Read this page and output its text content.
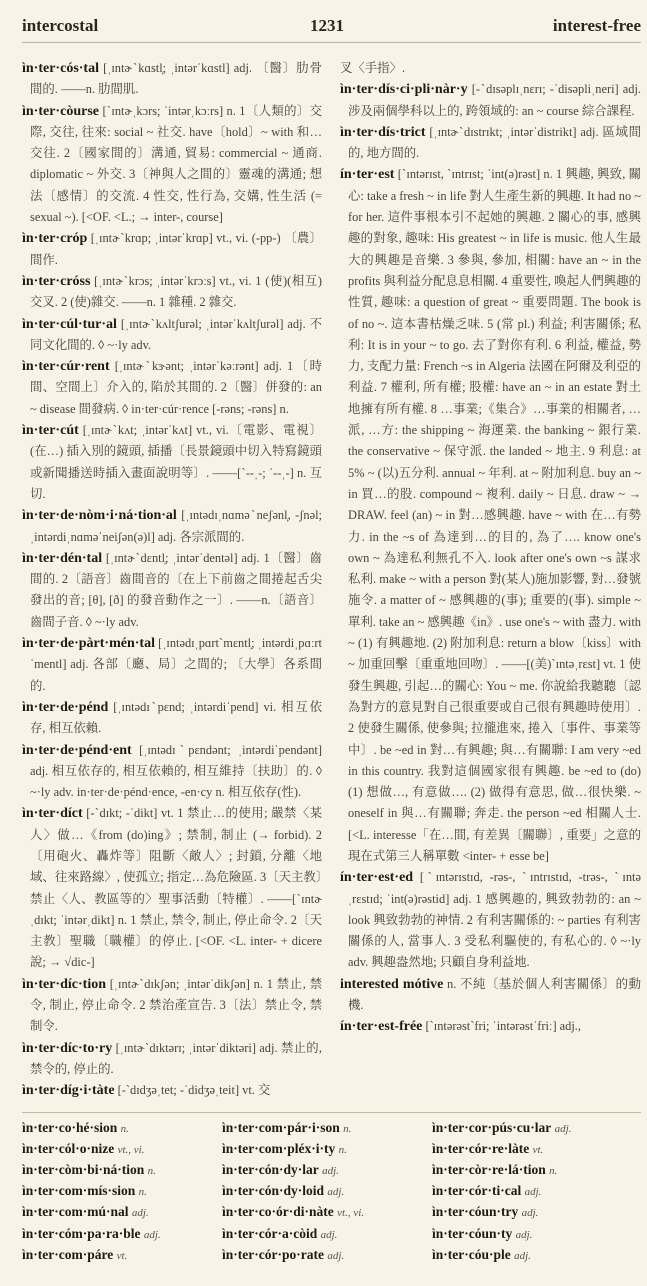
intercostal	1231	interest-free
ìn·ter·cós·tal [ˌɪntɚˋkɑstl̩; ˌintərˈkɑstl] adj. 〔醫〕肋骨間的. ——n. 肋間肌.
ìn·ter·còurse [ˋɪntɚˌkɔrs; ˈintərˌkɔːrs] n. 1〔人類的〕交際, 交往, 往來: social ~ 社交. have〔hold〕~ with 和…交往. 2〔國家間的〕溝通, 貿易: commercial ~ 通商. diplomatic ~ 外交. 3〔神與人之間的〕靈魂的溝通; 想法〔感情〕的交流. 4 性交, 性行為, 交媾, 性生活 (= sexual ~). [<OF. <L.; → inter-, course]
ìn·ter·cróp [ˌɪntɚˋkrɑp; ˌintərˈkrɑp] vt., vi. (-pp-) 〔農〕間作.
ìn·ter·cróss [ˌɪntɚˋkrɔs; ˌintərˈkrɔːs] vt., vi. 1 (使)(相互)交叉. 2 (使)雜交. ——n. 1 雜種. 2 雜交.
ìn·ter·cúl·tur·al [ˌɪntɚˋkʌltʃurəl; ˌintərˈkʌltʃurəl] adj. 不同文化間的. ◊ ~·ly adv.
ìn·ter·cúr·rent [ˌɪntɚˋkɝənt; ˌintərˈkəːrənt] adj. 1〔時間、空間上〕介入的, 陷於其間的. 2〔醫〕併發的: an ~ disease 間發病. ◊ in·ter·cúr·rence [-rəns; -rəns] n.
ìn·ter·cút [ˌɪntɚˋkʌt; ˌintərˈkʌt] vt., vi.〔電影、電視〕(在…) 插入別的鏡頭, 插播〔長景鏡頭中切入特寫鏡頭或新聞播送時插入畫面說明等〕. ——[ˋ--ˌ-; ˈ--ˌ-] n. 互切.
ìn·ter·de·nòm·i·ná·tion·al [ˌɪntədɪˌnɑməˋneʃənl̩, -ʃnəl; ˌintərdiˌnɑməˈneiʃən(ə)l] adj. 各宗派間的.
ìn·ter·dén·tal [ˌɪntɚˋdɛntl̩; ˌintərˈdentəl] adj. 1〔醫〕齒間的. 2〔語音〕齒間音的〔在上下前齒之間捲起舌尖發出的音; [θ], [ð] 的發音動作之一〕. ——n.〔語音〕齒間子音. ◊ ~·ly adv.
ìn·ter·de·pàrt·mén·tal [ˌɪntədɪˌpɑrtˋmɛntl̩; ˌintərdiˌpɑːrtˈmentl] adj. 各部〔廳、局〕之間的; 〔大學〕各系間的.
ìn·ter·de·pénd [ˌɪntədɪˋpɛnd; ˌintərdiˈpend] vi. 相互依存, 相互依賴.
ìn·ter·de·pénd·ent [ˌɪntədɪˋpɛndənt; ˌintərdiˈpendənt] adj. 相互依存的, 相互依賴的, 相互維持〔扶助〕的. ◊ ~·ly adv. in·ter·de·pénd·ence, -en·cy n. 相互依存(性).
ìn·ter·díct [-ˋdɪkt; -ˈdikt] vt. 1 禁止…的使用; 嚴禁〈某人〉做…《from (do)ing》; 禁制, 制止 (→ forbid). 2〔用砲火、轟炸等〕阻斷〈敵人〉; 封鎖, 分離〈地域、往來路線〉, 使孤立; 指定…為危險區. 3〔天主教〕禁止〈人、教區等的〉聖事活動〔特權〕. ——[ˋɪntɚˌdɪkt; ˈintərˌdikt] n. 1 禁止, 禁令, 制止, 停止命令. 2〔天主教〕聖職〔職權〕的停止. [<OF. <L. inter- + dicere 說; → √dic-]
ìn·ter·díc·tion [ˌɪntɚˋdɪkʃən; ˌintərˈdikʃən] n. 1 禁止, 禁令, 制止, 停止命令. 2 禁治產宣告. 3〔法〕禁止令, 禁制令.
ìn·ter·díc·to·ry [ˌɪntɚˋdɪktərɪ; ˌintərˈdiktəri] adj. 禁止的, 禁令的, 停止的.
ìn·ter·díg·i·tàte [-ˋdɪdʒəˌtet; -ˈdidʒəˌteit] vt. 交
叉〈手指〉.
ìn·ter·dís·ci·pli·nàr·y [-ˋdɪsəplɪˌnɛrɪ; -ˈdisəpliˌneri] adj. 涉及兩個學科以上的, 跨領域的: an ~ course 綜合課程.
ìn·ter·dís·trict [ˌɪntɚˋdɪstrɪkt; ˌintərˈdistrikt] adj. 區域間的, 地方間的.
ín·ter·est [ˋɪntərɪst, ˋɪntrɪst; ˈint(ə)rəst] n. 1 興趣, 興致, 關心: take a fresh ~ in life 對人生產生新的興趣. It had no ~ for her. 這件事根本引不起她的興趣. 2 關心的事, 感興趣的對象, 趣味: His greatest ~ in life is music. 他人生最大的興趣是音樂. 3 參與, 參加, 相關: have an ~ in the profits 與利益分配息息相關. 4 重要性, 喚起人們興趣的性質, 趣味: a question of great ~ 重要問題. The book is of no ~. 這本書枯燥乏味. 5 (常 pl.) 利益; 利害關係; 私利: It is in your ~ to go. 去了對你有利. 6 利益, 權益, 勢力, 支配力量: French ~s in Algeria 法國在阿爾及利亞的利益. 7 權利, 所有權; 股權: have an ~ in an estate 對土地擁有所有權. 8 …事業;《集合》…事業的相關者, …派, …方: the shipping ~ 海運業. the banking ~ 銀行業. the conservative ~ 保守派. the landed ~ 地主. 9 利息: at 5% ~ (以)五分利. annual ~ 年利. at ~ 附加利息. buy an ~ in 買…的股. compound ~ 複利. daily ~ 日息. draw ~ → DRAW. feel (an) ~ in 對…感興趣. have ~ with 在…有勢力. in the ~s of 為達到…的目的, 為了…. know one's own ~ 為達私利無孔不入. look after one's own ~s 謀求私利. make ~ with a person 對(某人)施加影響, 對…發號施令. a matter of ~ 感興趣的(事); 重要的(事). simple ~ 單利. take an ~ 感興趣《in》. use one's ~ with 盡力. with ~ (1) 有興趣地. (2) 附加利息: return a blow〔kiss〕with ~ 加重回擊〔重重地回吻〕. ——[(美)ˋɪntəˌrɛst] vt. 1 使發生興趣, 引起…的關心: You ~ me. 你說給我聽聽〔認為對方的意見對自己很重要或自己很有興趣時使用〕. 2 使發生關係, 使參與; 拉攏進來, 捲入〔事件、事業等中〕. be ~ed in 對…有興趣; 與…有關聯: I am very ~ed in this country. 我對這個國家很有興趣. be ~ed to (do) (1) 想做…, 有意做…. (2) 做得有意思, 做…很快樂. ~ oneself in 與…有關聯; 奔走. the person ~ed 相關人士. [<L. interesse「在…間, 有差異〔關聯〕, 重要」之意的現在式第三人稱單數 <inter- + esse be]
ín·ter·est·ed [ˋɪntərɪstɪd, -rəs-, ˋɪntrɪstɪd, -trəs-, ˋɪntəˌrɛstɪd; ˈint(ə)rəstid] adj. 1 感興趣的, 興致勃勃的: an ~ look 興致勃勃的神情. 2 有利害關係的: ~ parties 有利害關係的人, 當事人. 3 受私利驅使的, 有私心的. ◊ ~·ly adv. 興趣盎然地; 只顧自身利益地.
interested mótive n. 不純〔基於個人利害關係〕的動機.
ín·ter·est-frée [ˋɪntərəstˋfri; ˈintərəstˈfriː] adj.,
ìn·ter·co·hé·sion n.	ìn·ter·com·pár·i·son n.	ìn·ter·cor·pús·cu·lar adj.
ìn·ter·cól·o·nize vt., vi.	ìn·ter·com·pléx·i·ty n.	ìn·ter·cór·re·làte vt.
ìn·ter·còm·bi·ná·tion n.	ìn·ter·cón·dy·lar adj.	ìn·ter·còr·re·lá·tion n.
ìn·ter·com·mís·sion n.	ìn·ter·cón·dy·loid adj.	ìn·ter·cór·ti·cal adj.
ìn·ter·com·mú·nal adj.	ìn·ter·co·ór·di·nàte vt., vi.	ìn·ter·cóun·try adj.
ìn·ter·cóm·pa·ra·ble adj.	ìn·ter·cór·a·còid adj.	ìn·ter·cóun·ty adj.
ìn·ter·com·páre vt.	ìn·ter·cór·po·rate adj.	ìn·ter·cóu·ple adj.
